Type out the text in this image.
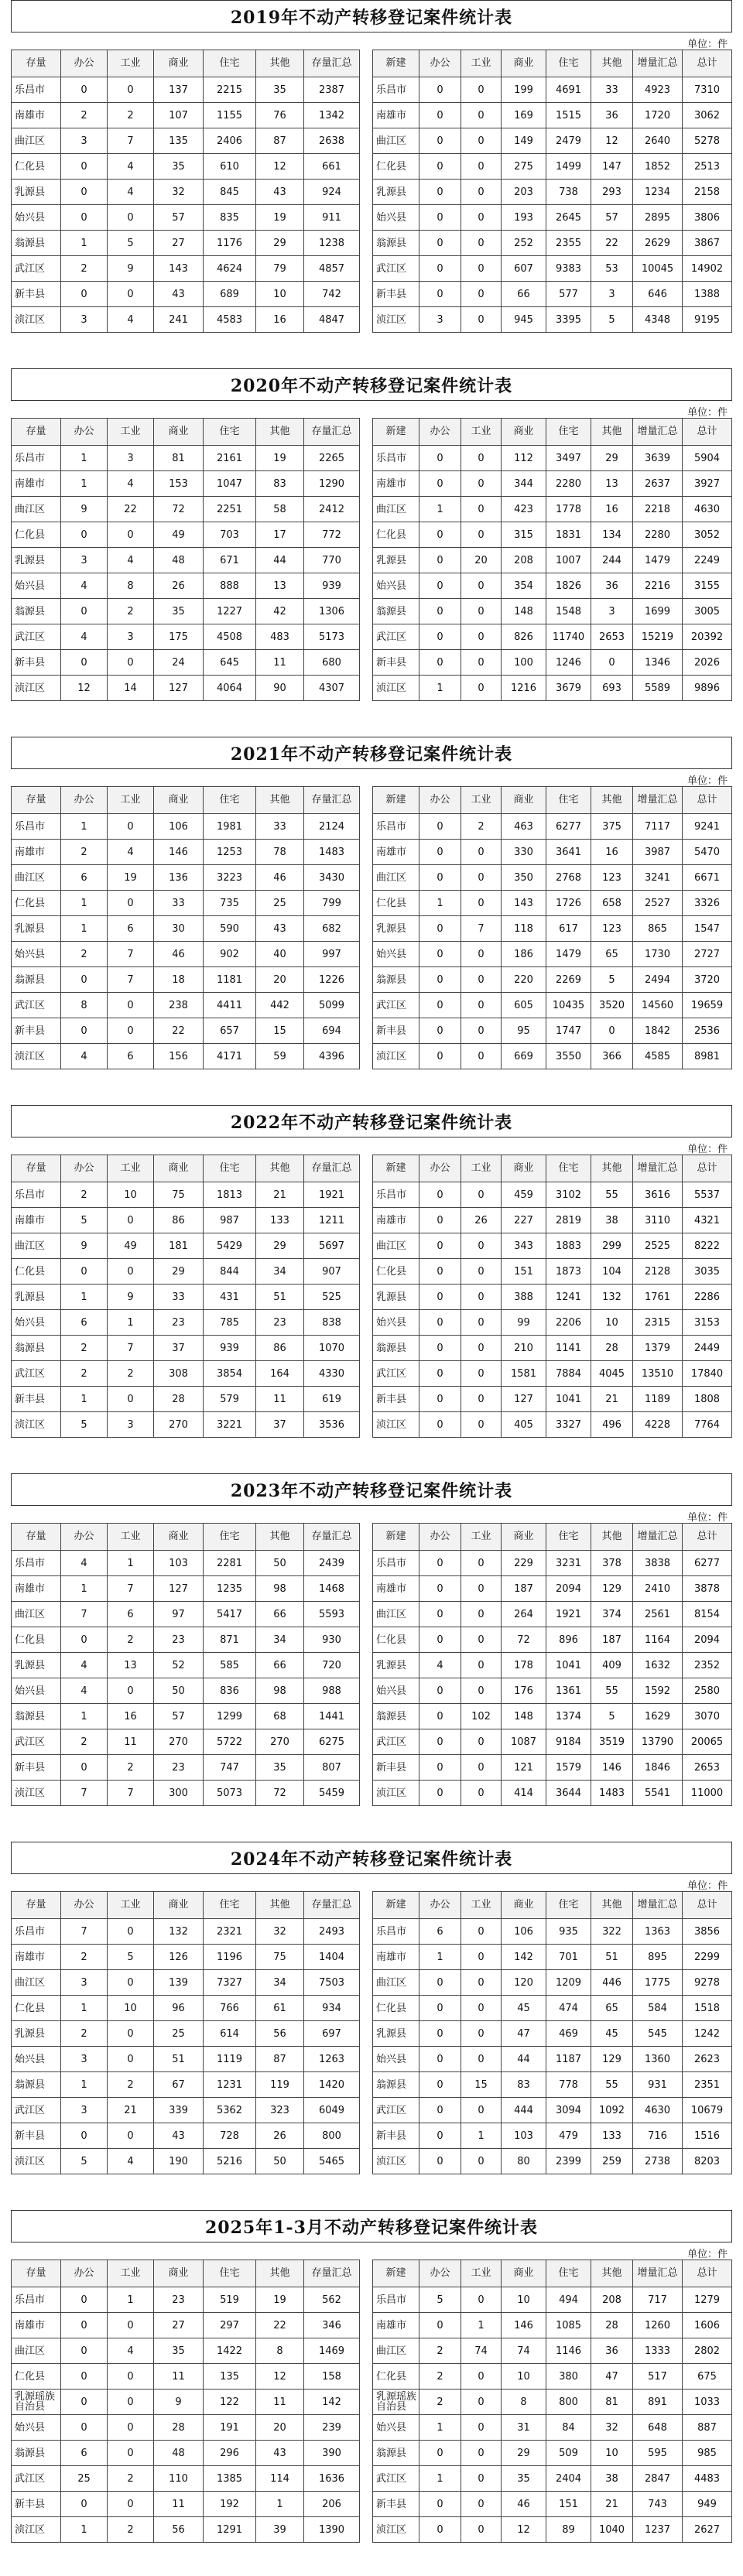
2019年不动产转移登记案件统计表
单位：件
存量	办公	工业	商业	住宅	其他	存量汇总
乐昌市	0	0	137	2215	35	2387
南雄市	2	2	107	1155	76	1342
曲江区	3	7	135	2406	87	2638
仁化县	0	4	35	610	12	661
乳源县	0	4	32	845	43	924
始兴县	0	0	57	835	19	911
翁源县	1	5	27	1176	29	1238
武江区	2	9	143	4624	79	4857
新丰县	0	0	43	689	10	742
浈江区	3	4	241	4583	16	4847
新建	办公	工业	商业	住宅	其他	增量汇总	总计
乐昌市	0	0	199	4691	33	4923	7310
南雄市	0	0	169	1515	36	1720	3062
曲江区	0	0	149	2479	12	2640	5278
仁化县	0	0	275	1499	147	1852	2513
乳源县	0	0	203	738	293	1234	2158
始兴县	0	0	193	2645	57	2895	3806
翁源县	0	0	252	2355	22	2629	3867
武江区	0	0	607	9383	53	10045	14902
新丰县	0	0	66	577	3	646	1388
浈江区	3	0	945	3395	5	4348	9195
2020年不动产转移登记案件统计表
单位：件
存量	办公	工业	商业	住宅	其他	存量汇总
乐昌市	1	3	81	2161	19	2265
南雄市	1	4	153	1047	83	1290
曲江区	9	22	72	2251	58	2412
仁化县	0	0	49	703	17	772
乳源县	3	4	48	671	44	770
始兴县	4	8	26	888	13	939
翁源县	0	2	35	1227	42	1306
武江区	4	3	175	4508	483	5173
新丰县	0	0	24	645	11	680
浈江区	12	14	127	4064	90	4307
新建	办公	工业	商业	住宅	其他	增量汇总	总计
乐昌市	0	0	112	3497	29	3639	5904
南雄市	0	0	344	2280	13	2637	3927
曲江区	1	0	423	1778	16	2218	4630
仁化县	0	0	315	1831	134	2280	3052
乳源县	0	20	208	1007	244	1479	2249
始兴县	0	0	354	1826	36	2216	3155
翁源县	0	0	148	1548	3	1699	3005
武江区	0	0	826	11740	2653	15219	20392
新丰县	0	0	100	1246	0	1346	2026
浈江区	1	0	1216	3679	693	5589	9896
2021年不动产转移登记案件统计表
单位：件
存量	办公	工业	商业	住宅	其他	存量汇总
乐昌市	1	0	106	1981	33	2124
南雄市	2	4	146	1253	78	1483
曲江区	6	19	136	3223	46	3430
仁化县	1	0	33	735	25	799
乳源县	1	6	30	590	43	682
始兴县	2	7	46	902	40	997
翁源县	0	7	18	1181	20	1226
武江区	8	0	238	4411	442	5099
新丰县	0	0	22	657	15	694
浈江区	4	6	156	4171	59	4396
新建	办公	工业	商业	住宅	其他	增量汇总	总计
乐昌市	0	2	463	6277	375	7117	9241
南雄市	0	0	330	3641	16	3987	5470
曲江区	0	0	350	2768	123	3241	6671
仁化县	1	0	143	1726	658	2527	3326
乳源县	0	7	118	617	123	865	1547
始兴县	0	0	186	1479	65	1730	2727
翁源县	0	0	220	2269	5	2494	3720
武江区	0	0	605	10435	3520	14560	19659
新丰县	0	0	95	1747	0	1842	2536
浈江区	0	0	669	3550	366	4585	8981
2022年不动产转移登记案件统计表
单位：件
存量	办公	工业	商业	住宅	其他	存量汇总
乐昌市	2	10	75	1813	21	1921
南雄市	5	0	86	987	133	1211
曲江区	9	49	181	5429	29	5697
仁化县	0	0	29	844	34	907
乳源县	1	9	33	431	51	525
始兴县	6	1	23	785	23	838
翁源县	2	7	37	939	86	1070
武江区	2	2	308	3854	164	4330
新丰县	1	0	28	579	11	619
浈江区	5	3	270	3221	37	3536
新建	办公	工业	商业	住宅	其他	增量汇总	总计
乐昌市	0	0	459	3102	55	3616	5537
南雄市	0	26	227	2819	38	3110	4321
曲江区	0	0	343	1883	299	2525	8222
仁化县	0	0	151	1873	104	2128	3035
乳源县	0	0	388	1241	132	1761	2286
始兴县	0	0	99	2206	10	2315	3153
翁源县	0	0	210	1141	28	1379	2449
武江区	0	0	1581	7884	4045	13510	17840
新丰县	0	0	127	1041	21	1189	1808
浈江区	0	0	405	3327	496	4228	7764
2023年不动产转移登记案件统计表
单位：件
存量	办公	工业	商业	住宅	其他	存量汇总
乐昌市	4	1	103	2281	50	2439
南雄市	1	7	127	1235	98	1468
曲江区	7	6	97	5417	66	5593
仁化县	0	2	23	871	34	930
乳源县	4	13	52	585	66	720
始兴县	4	0	50	836	98	988
翁源县	1	16	57	1299	68	1441
武江区	2	11	270	5722	270	6275
新丰县	0	2	23	747	35	807
浈江区	7	7	300	5073	72	5459
新建	办公	工业	商业	住宅	其他	增量汇总	总计
乐昌市	0	0	229	3231	378	3838	6277
南雄市	0	0	187	2094	129	2410	3878
曲江区	0	0	264	1921	374	2561	8154
仁化县	0	0	72	896	187	1164	2094
乳源县	4	0	178	1041	409	1632	2352
始兴县	0	0	176	1361	55	1592	2580
翁源县	0	102	148	1374	5	1629	3070
武江区	0	0	1087	9184	3519	13790	20065
新丰县	0	0	121	1579	146	1846	2653
浈江区	0	0	414	3644	1483	5541	11000
2024年不动产转移登记案件统计表
单位：件
存量	办公	工业	商业	住宅	其他	存量汇总
乐昌市	7	0	132	2321	32	2493
南雄市	2	5	126	1196	75	1404
曲江区	3	0	139	7327	34	7503
仁化县	1	10	96	766	61	934
乳源县	2	0	25	614	56	697
始兴县	3	0	51	1119	87	1263
翁源县	1	2	67	1231	119	1420
武江区	3	21	339	5362	323	6049
新丰县	0	0	43	728	26	800
浈江区	5	4	190	5216	50	5465
新建	办公	工业	商业	住宅	其他	增量汇总	总计
乐昌市	6	0	106	935	322	1363	3856
南雄市	1	0	142	701	51	895	2299
曲江区	0	0	120	1209	446	1775	9278
仁化县	0	0	45	474	65	584	1518
乳源县	0	0	47	469	45	545	1242
始兴县	0	0	44	1187	129	1360	2623
翁源县	0	15	83	778	55	931	2351
武江区	0	0	444	3094	1092	4630	10679
新丰县	0	1	103	479	133	716	1516
浈江区	0	0	80	2399	259	2738	8203
2025年1-3月不动产转移登记案件统计表
单位：件
存量	办公	工业	商业	住宅	其他	存量汇总
乐昌市	0	1	23	519	19	562
南雄市	0	0	27	297	22	346
曲江区	0	4	35	1422	8	1469
仁化县	0	0	11	135	12	158
乳源瑶族自治县	0	0	9	122	11	142
始兴县	0	0	28	191	20	239
翁源县	6	0	48	296	43	390
武江区	25	2	110	1385	114	1636
新丰县	0	0	11	192	1	206
浈江区	1	2	56	1291	39	1390
新建	办公	工业	商业	住宅	其他	增量汇总	总计
乐昌市	5	0	10	494	208	717	1279
南雄市	0	1	146	1085	28	1260	1606
曲江区	2	74	74	1146	36	1333	2802
仁化县	2	0	10	380	47	517	675
乳源瑶族自治县	2	0	8	800	81	891	1033
始兴县	1	0	31	84	32	648	887
翁源县	0	0	29	509	10	595	985
武江区	1	0	35	2404	38	2847	4483
新丰县	0	0	46	151	21	743	949
浈江区	0	0	12	89	1040	1237	2627
